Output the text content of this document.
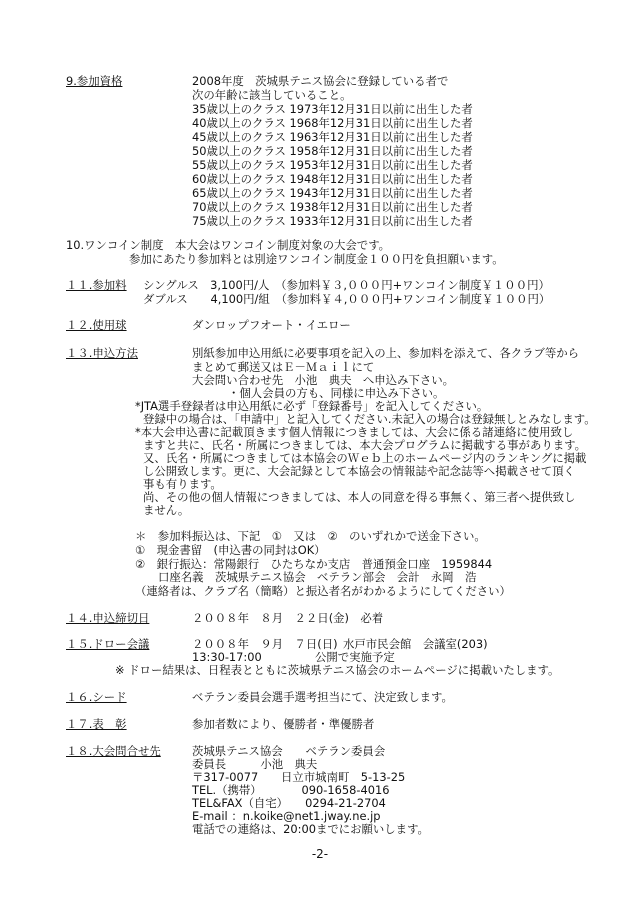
9.参加資格	2008年度　茨城県テニス協会に登録している者で
次の年齢に該当していること。
35歳以上のクラス 1973年12月31日以前に出生した者
40歳以上のクラス 1968年12月31日以前に出生した者
45歳以上のクラス 1963年12月31日以前に出生した者
50歳以上のクラス 1958年12月31日以前に出生した者
55歳以上のクラス 1953年12月31日以前に出生した者
60歳以上のクラス 1948年12月31日以前に出生した者
65歳以上のクラス 1943年12月31日以前に出生した者
70歳以上のクラス 1938年12月31日以前に出生した者
75歳以上のクラス 1933年12月31日以前に出生した者
10.ワンコイン制度　本大会はワンコイン制度対象の大会です。
参加にあたり参加料とは別途ワンコイン制度金１００円を負担願います。
１１.参加料 シングルス　3,100円/人　（参加料￥３,０００円+ワンコイン制度￥１００円）
ダブルス　　4,100円/組　（参加料￥４,０００円+ワンコイン制度￥１００円）
１２.使用球	ダンロップフオート・イエロー
１３.申込方法	別紙参加申込用紙に必要事項を記入の上、参加料を添えて、各クラブ等から
まとめて郵送又はＥ－Ｍａｉｌにて
大会問い合わせ先　小池　典夫　へ申込み下さい。
・個人会員の方も、同様に申込み下さい。
*JTA選手登録者は申込用紙に必ず「登録番号」を記入してください。
登録中の場合は、「申請中」と記入してください.未記入の場合は登録無しとみなします。
*本大会申込書に記載頂きます個人情報につきましては、大会に係る諸連絡に使用致し
ますと共に、氏名・所属につきましては、本大会プログラムに掲載する事があります。
又、氏名・所属につきましては本協会のＷｅｂ上のホームページ内のランキングに掲載
し公開致します。更に、大会記録として本協会の情報誌や記念誌等へ掲載させて頂く
事も有ります。
尚、その他の個人情報につきましては、本人の同意を得る事無く、第三者へ提供致し
ません。
＊　参加料振込は、下記　①　又は　②　のいずれかで送金下さい。
①　現金書留　(申込書の同封はOK）
②　銀行振込：常陽銀行　ひたちなか支店　普通預金口座　1959844
口座名義　茨城県テニス協会　ベテラン部会　会計　永岡　浩
（連絡者は、クラブ名（簡略）と振込者名がわかるようにしてください）
１４.申込締切日	２００８年　８月　２２日(金)　必着
１５.ドロー会議	２００８年　９月　７日(日) 水戸市民会館　会議室(203)
13:30-17:00	公開で実施予定
※ ドロー結果は、日程表とともに茨城県テニス協会のホームページに掲載いたします。
１６.シード	ベテラン委員会選手選考担当にて、決定致します。
１７.表　彰	参加者数により、優勝者・準優勝者
１８.大会問合せ先	茨城県テニス協会　　ベテラン委員会
委員長　　　小池　典夫
〒317-0077　　日立市城南町　5-13-25
TEL.（携帯）　　　　090-1658-4016
TEL&FAX（自宅）　　0294-21-2704
E-mail ：n.koike@net1.jway.ne.jp
電話での連絡は、20:00までにお願いします。
-2-
